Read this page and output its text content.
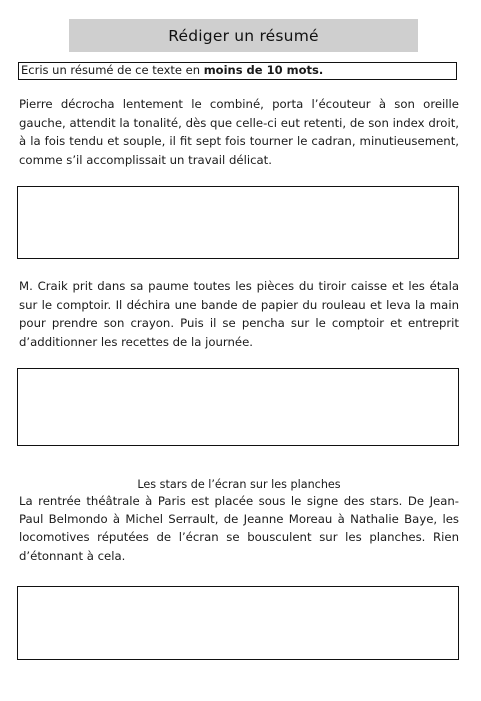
Rédiger un résumé
Ecris un résumé de ce texte en moins de 10 mots.

Pierre décrocha lentement le combiné, porta l’écouteur à son oreille gauche, attendit la tonalité, dès que celle-ci eut retenti, de son index droit, à la fois tendu et souple, il fit sept fois tourner le cadran, minutieusement, comme s’il accomplissait un travail délicat.

M. Craik prit dans sa paume toutes les pièces du tiroir caisse et les étala sur le comptoir. Il déchira une bande de papier du rouleau et leva la main pour prendre son crayon. Puis il se pencha sur le comptoir et entreprit d’additionner les recettes de la journée.

Les stars de l’écran sur les planches

La rentrée théâtrale à Paris est placée sous le signe des stars. De Jean-Paul Belmondo à Michel Serrault, de Jeanne Moreau à Nathalie Baye, les locomotives réputées de l’écran se bousculent sur les planches. Rien d’étonnant à cela.
